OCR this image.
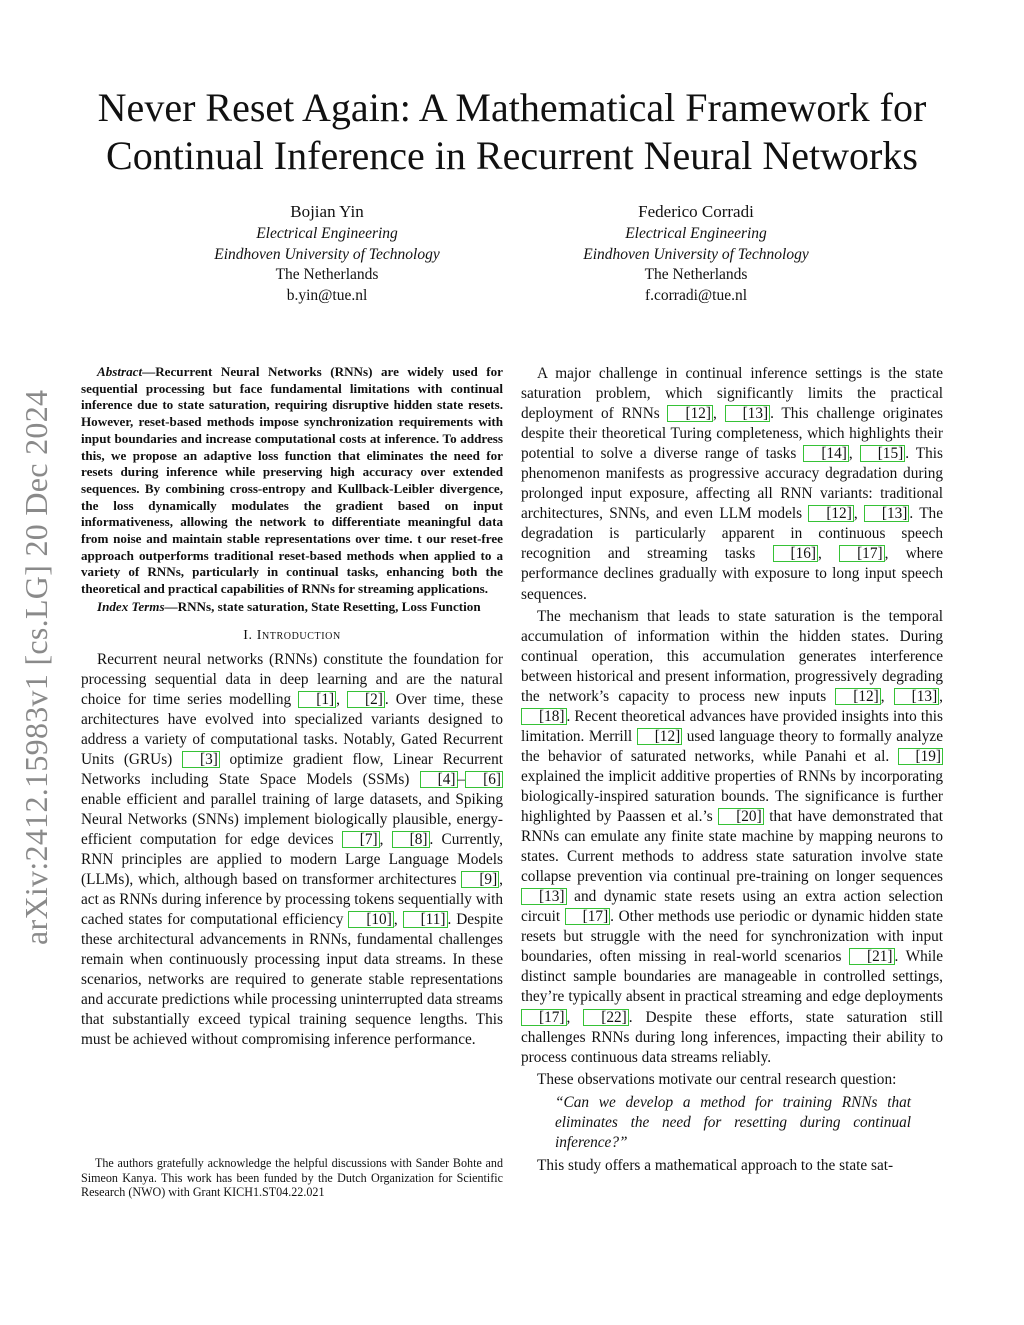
arXiv:2412.15983v1 [cs.LG] 20 Dec 2024
Never Reset Again: A Mathematical Framework for
Continual Inference in Recurrent Neural Networks
Bojian Yin
Electrical Engineering
Eindhoven University of Technology
The Netherlands
b.yin@tue.nl
Federico Corradi
Electrical Engineering
Eindhoven University of Technology
The Netherlands
f.corradi@tue.nl

Abstract—Recurrent Neural Networks (RNNs) are widely used for sequential processing but face fundamental limitations with continual inference due to state saturation, requiring disruptive hidden state resets. However, reset-based methods impose synchronization requirements with input boundaries and increase computational costs at inference. To address this, we propose an adaptive loss function that eliminates the need for resets during inference while preserving high accuracy over extended sequences. By combining cross-entropy and Kullback-Leibler divergence, the loss dynamically modulates the gradient based on input informativeness, allowing the network to differentiate meaningful data from noise and maintain stable representations over time. t our reset-free approach outperforms traditional reset-based methods when applied to a variety of RNNs, particularly in continual tasks, enhancing both the theoretical and practical capabilities of RNNs for streaming applications.

Index Terms—RNNs, state saturation, State Resetting, Loss Function

I. Introduction

Recurrent neural networks (RNNs) constitute the foundation for processing sequential data in deep learning and are the natural choice for time series modelling [1] , [2] . Over time, these architectures have evolved into specialized variants designed to address a variety of computational tasks. Notably, Gated Recurrent Units (GRUs) [3] optimize gradient flow, Linear Recurrent Networks including State Space Models (SSMs) [4] – [6] enable efficient and parallel training of large datasets, and Spiking Neural Networks (SNNs) implement biologically plausible, energy-efficient computation for edge devices [7] , [8] . Currently, RNN principles are applied to modern Large Language Models (LLMs), which, although based on transformer architectures [9] , act as RNNs during inference by processing tokens sequentially with cached states for computational efficiency [10] , [11] . Despite these architectural advancements in RNNs, fundamental challenges remain when continuously processing input data streams. In these scenarios, networks are required to generate stable representations and accurate predictions while processing uninterrupted data streams that substantially exceed typical training sequence lengths. This must be achieved without compromising inference performance.

The authors gratefully acknowledge the helpful discussions with Sander Bohte and Simeon Kanya. This work has been funded by the Dutch Organization for Scientific Research (NWO) with Grant KICH1.ST04.22.021

A major challenge in continual inference settings is the state saturation problem, which significantly limits the practical deployment of RNNs [12] , [13] . This challenge originates despite their theoretical Turing completeness, which highlights their potential to solve a diverse range of tasks [14] , [15] . This phenomenon manifests as progressive accuracy degradation during prolonged input exposure, affecting all RNN variants: traditional architectures, SNNs, and even LLM models [12] , [13] . The degradation is particularly apparent in continuous speech recognition and streaming tasks [16] , [17] , where performance declines gradually with exposure to long input speech sequences.

The mechanism that leads to state saturation is the temporal accumulation of information within the hidden states. During continual operation, this accumulation generates interference between historical and present information, progressively degrading the network’s capacity to process new inputs [12] , [13] , [18] . Recent theoretical advances have provided insights into this limitation. Merrill [12] used language theory to formally analyze the behavior of saturated networks, while Panahi et al. [19] explained the implicit additive properties of RNNs by incorporating biologically-inspired saturation bounds. The significance is further highlighted by Paassen et al.’s [20] that have demonstrated that RNNs can emulate any finite state machine by mapping neurons to states. Current methods to address state saturation involve state collapse prevention via continual pre-training on longer sequences [13] and dynamic state resets using an extra action selection circuit [17] . Other methods use periodic or dynamic hidden state resets but struggle with the need for synchronization with input boundaries, often missing in real-world scenarios [21] . While distinct sample boundaries are manageable in controlled settings, they’re typically absent in practical streaming and edge deployments [17] , [22] . Despite these efforts, state saturation still challenges RNNs during long inferences, impacting their ability to process continuous data streams reliably.

These observations motivate our central research question:

“Can we develop a method for training RNNs that eliminates the need for resetting during continual inference?”

This study offers a mathematical approach to the state sat-
